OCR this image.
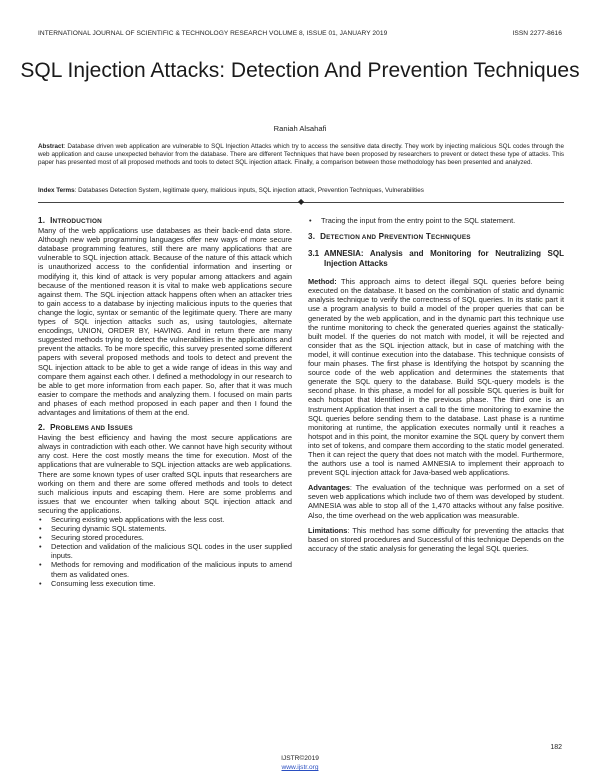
INTERNATIONAL JOURNAL OF SCIENTIFIC & TECHNOLOGY RESEARCH VOLUME 8, ISSUE 01, JANUARY 2019	ISSN 2277-8616
SQL Injection Attacks: Detection And Prevention Techniques
Raniah Alsahafi
Abstract: Database driven web application are vulnerable to SQL Injection Attacks which try to access the sensitive data directly. They work by injecting malicious SQL codes through the web application and cause unexpected behavior from the database. There are different Techniques that have been proposed by researchers to prevent or detect these type of attacks. This paper has presented most of all proposed methods and tools to detect SQL injection attack. Finally, a comparison between those methodology has been presented and analyzed.
Index Terms: Databases Detection System, legitimate query, malicious inputs, SQL injection attack, Prevention Techniques, Vulnerabilities
◆
1. INTRODUCTION
Many of the web applications use databases as their back-end data store. Although new web programming languages offer new ways of more secure database programming features, still there are many applications that are vulnerable to SQL injection attack. Because of the nature of this attack which is unauthorized access to the confidential information and inserting or modifying it, this kind of attack is very popular among attackers and again because of the mentioned reason it is vital to make web applications secure against them. The SQL injection attack happens often when an attacker tries to gain access to a database by injecting malicious inputs to the queries that change the logic, syntax or semantic of the legitimate query. There are many types of SQL injection attacks such as, using tautologies, alternate encodings, UNION, ORDER BY, HAVING. And in return there are many suggested methods trying to detect the vulnerabilities in the applications and prevent the attacks. To be more specific, this survey presented some different papers with several proposed methods and tools to detect and prevent the SQL injection attack to be able to get a wide range of ideas in this way and compare them against each other. I defined a methodology in our research to be able to get more information from each paper. So, after that it was much easier to compare the methods and analyzing them. I focused on main parts and phases of each method proposed in each paper and then I found the advantages and limitations of them at the end.
2. PROBLEMS AND ISSUES
Having the best efficiency and having the most secure applications are always in contradiction with each other. We cannot have high security without any cost. Here the cost mostly means the time for execution. Most of the applications that are vulnerable to SQL injection attacks are web applications. There are some known types of user crafted SQL inputs that researchers are working on them and there are some offered methods and tools to detect such malicious inputs and escaping them. Here are some problems and issues that we encounter when talking about SQL injection attack and securing the applications.
• Securing existing web applications with the less cost.
• Securing dynamic SQL statements.
• Securing stored procedures.
• Detection and validation of the malicious SQL codes in the user supplied inputs.
• Methods for removing and modification of the malicious inputs to amend them as validated ones.
• Consuming less execution time.
• Tracing the input from the entry point to the SQL statement.
3. DETECTION AND PREVENTION TECHNIQUES
3.1 AMNESIA: Analysis and Monitoring for Neutralizing SQL Injection Attacks
Method: This approach aims to detect illegal SQL queries before being executed on the database. It based on the combination of static and dynamic analysis technique to verify the correctness of SQL queries. In its static part it use a program analysis to build a model of the proper queries that can be generated by the web application, and in the dynamic part this technique use the runtime monitoring to check the generated queries against the statically-built model. If the queries do not match with model, it will be rejected and consider that as the SQL injection attack, but in case of matching with the model, it will continue execution into the database. This technique consists of four main phases. The first phase is Identifying the hotspot by scanning the source code of the web application and determines the statements that generate the SQL query to the database. Build SQL-query models is the second phase. In this phase, a model for all possible SQL queries is built for each hotspot that Identified in the previous phase. The third one is an Instrument Application that insert a call to the time monitoring to examine the SQL queries before sending them to the database. Last phase is a runtime monitoring at runtime, the application executes normally until it reaches a hotspot and in this point, the monitor examine the SQL query by convert them into set of tokens, and compare them according to the static model generated. Then it can reject the query that does not match with the model. Furthermore, the authors use a tool is named AMNESIA to implement their approach to prevent SQL injection attack for Java-based web applications.
Advantages: The evaluation of the technique was performed on a set of seven web applications which include two of them was developed by student. AMNESIA was able to stop all of the 1,470 attacks without any false positive. Also, the time overhead on the web application was measurable.
Limitations: This method has some difficulty for preventing the attacks that based on stored procedures and Successful of this technique Depends on the accuracy of the static analysis for generating the legal SQL queries.
182
IJSTR©2019
www.ijstr.org
